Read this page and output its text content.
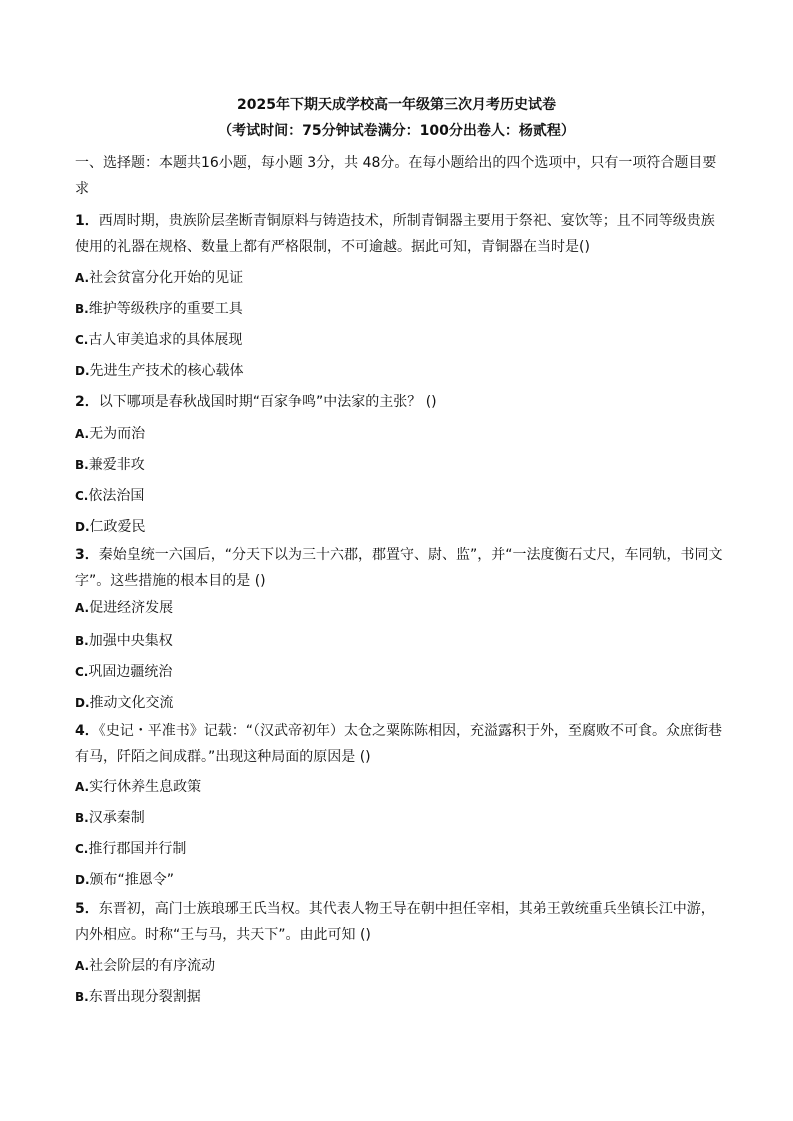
2025年下期天成学校高一年级第三次月考历史试卷
（考试时间：75分钟试卷满分：100分出卷人：杨贰程）
一、选择题：本题共16小题，每小题 3分，共 48分。在每小题给出的四个选项中，只有一项符合题目要求
1．西周时期，贵族阶层垄断青铜原料与铸造技术，所制青铜器主要用于祭祀、宴饮等；且不同等级贵族使用的礼器在规格、数量上都有严格限制，不可逾越。据此可知，青铜器在当时是()
A.社会贫富分化开始的见证
B.维护等级秩序的重要工具
C.古人审美追求的具体展现
D.先进生产技术的核心载体
2．以下哪项是春秋战国时期“百家争鸣”中法家的主张？ ()
A.无为而治
B.兼爱非攻
C.依法治国
D.仁政爱民
3．秦始皇统一六国后，“分天下以为三十六郡，郡置守、尉、监”，并“一法度衡石丈尺，车同轨，书同文字”。这些措施的根本目的是 ()
A.促进经济发展
B.加强中央集权
C.巩固边疆统治
D.推动文化交流
4．《史记・平准书》记载：“（汉武帝初年）太仓之粟陈陈相因，充溢露积于外，至腐败不可食。众庶街巷有马，阡陌之间成群。”出现这种局面的原因是 ()
A.实行休养生息政策
B.汉承秦制
C.推行郡国并行制
D.颁布“推恩令”
5．东晋初，高门士族琅琊王氏当权。其代表人物王导在朝中担任宰相，其弟王敦统重兵坐镇长江中游，内外相应。时称“王与马，共天下”。由此可知 ()
A.社会阶层的有序流动
B.东晋出现分裂割据
